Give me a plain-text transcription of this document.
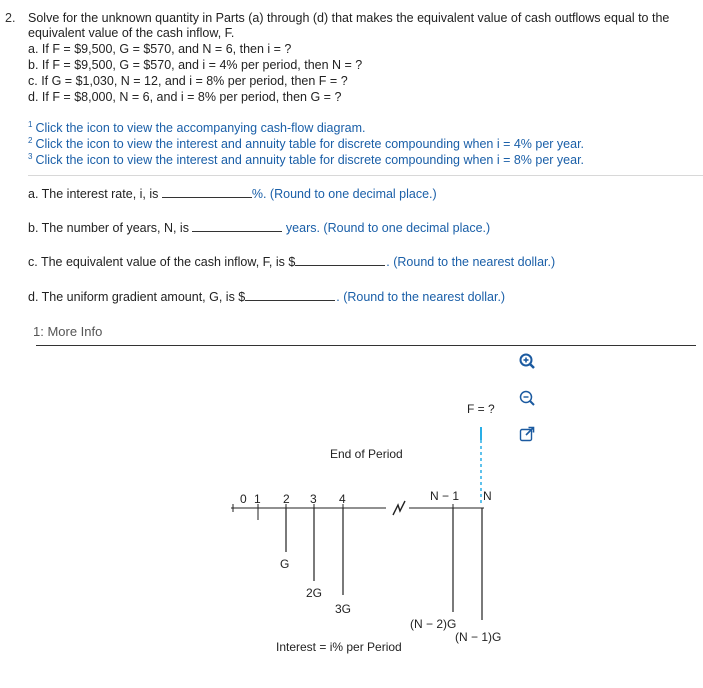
2. Solve for the unknown quantity in Parts (a) through (d) that makes the equivalent value of cash outflows equal to the
equivalent value of the cash inflow, F.
a. If F = $9,500, G = $570, and N = 6, then i = ?
b. If F = $9,500, G = $570, and i = 4% per period, then N = ?
c. If G = $1,030, N = 12, and i = 8% per period, then F = ?
d. If F = $8,000, N = 6, and i = 8% per period, then G = ?
$^1$ Click the icon to view the accompanying cash-flow diagram.
$^2$ Click the icon to view the interest and annuity table for discrete compounding when i = 4% per year.
$^3$ Click the icon to view the interest and annuity table for discrete compounding when i = 8% per year.
a. The interest rate, i, is	%. (Round to one decimal place.)
b. The number of years, N, is	years. (Round to one decimal place.)
c. The equivalent value of the cash inflow, F, is $	. (Round to the nearest dollar.)
d. The uniform gradient amount, G, is $	. (Round to the nearest dollar.)
1: More Info
F = ?
End of Period
0 1 2 3 4	N − 1 N
G
2G
3G
(N − 2)G
(N − 1)G
Interest = i% per Period
